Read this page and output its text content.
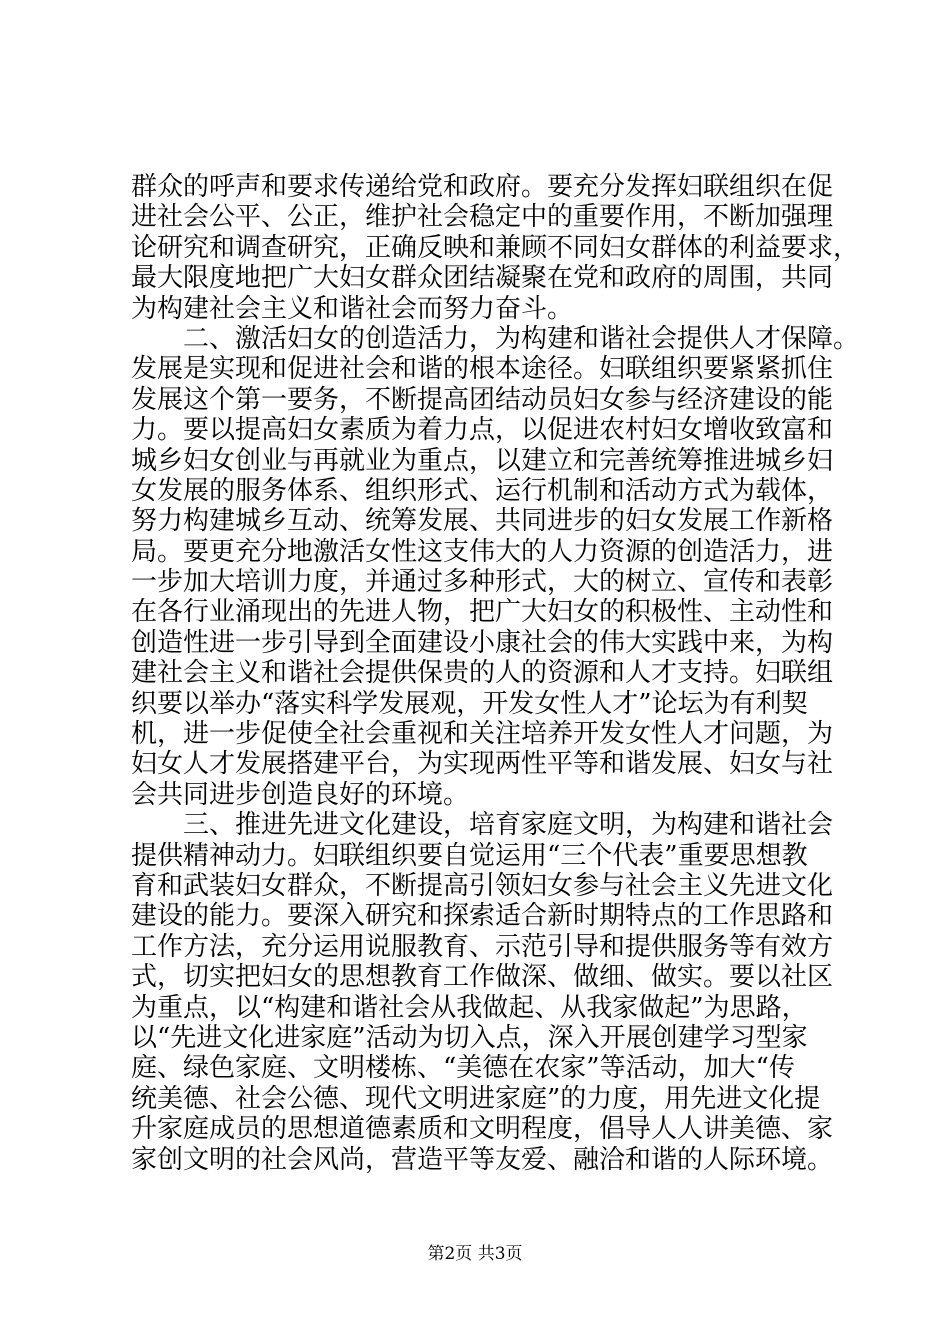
群众的呼声和要求传递给党和政府。要充分发挥妇联组织在促
进社会公平、公正，维护社会稳定中的重要作用，不断加强理
论研究和调查研究，正确反映和兼顾不同妇女群体的利益要求，
最大限度地把广大妇女群众团结凝聚在党和政府的周围，共同
为构建社会主义和谐社会而努力奋斗。
　　二、激活妇女的创造活力，为构建和谐社会提供人才保障。
发展是实现和促进社会和谐的根本途径。妇联组织要紧紧抓住
发展这个第一要务，不断提高团结动员妇女参与经济建设的能
力。要以提高妇女素质为着力点，以促进农村妇女增收致富和
城乡妇女创业与再就业为重点，以建立和完善统筹推进城乡妇
女发展的服务体系、组织形式、运行机制和活动方式为载体，
努力构建城乡互动、统筹发展、共同进步的妇女发展工作新格
局。要更充分地激活女性这支伟大的人力资源的创造活力，进
一步加大培训力度，并通过多种形式，大的树立、宣传和表彰
在各行业涌现出的先进人物，把广大妇女的积极性、主动性和
创造性进一步引导到全面建设小康社会的伟大实践中来，为构
建社会主义和谐社会提供保贵的人的资源和人才支持。妇联组
织要以举办“落实科学发展观，开发女性人才”论坛为有利契
机，进一步促使全社会重视和关注培养开发女性人才问题，为
妇女人才发展搭建平台，为实现两性平等和谐发展、妇女与社
会共同进步创造良好的环境。
　　三、推进先进文化建设，培育家庭文明，为构建和谐社会
提供精神动力。妇联组织要自觉运用“三个代表”重要思想教
育和武装妇女群众，不断提高引领妇女参与社会主义先进文化
建设的能力。要深入研究和探索适合新时期特点的工作思路和
工作方法，充分运用说服教育、示范引导和提供服务等有效方
式，切实把妇女的思想教育工作做深、做细、做实。要以社区
为重点，以“构建和谐社会从我做起、从我家做起”为思路，
以“先进文化进家庭”活动为切入点，深入开展创建学习型家
庭、绿色家庭、文明楼栋、“美德在农家”等活动，加大“传
统美德、社会公德、现代文明进家庭”的力度，用先进文化提
升家庭成员的思想道德素质和文明程度，倡导人人讲美德、家
家创文明的社会风尚，营造平等友爱、融洽和谐的人际环境。
第2页 共3页
